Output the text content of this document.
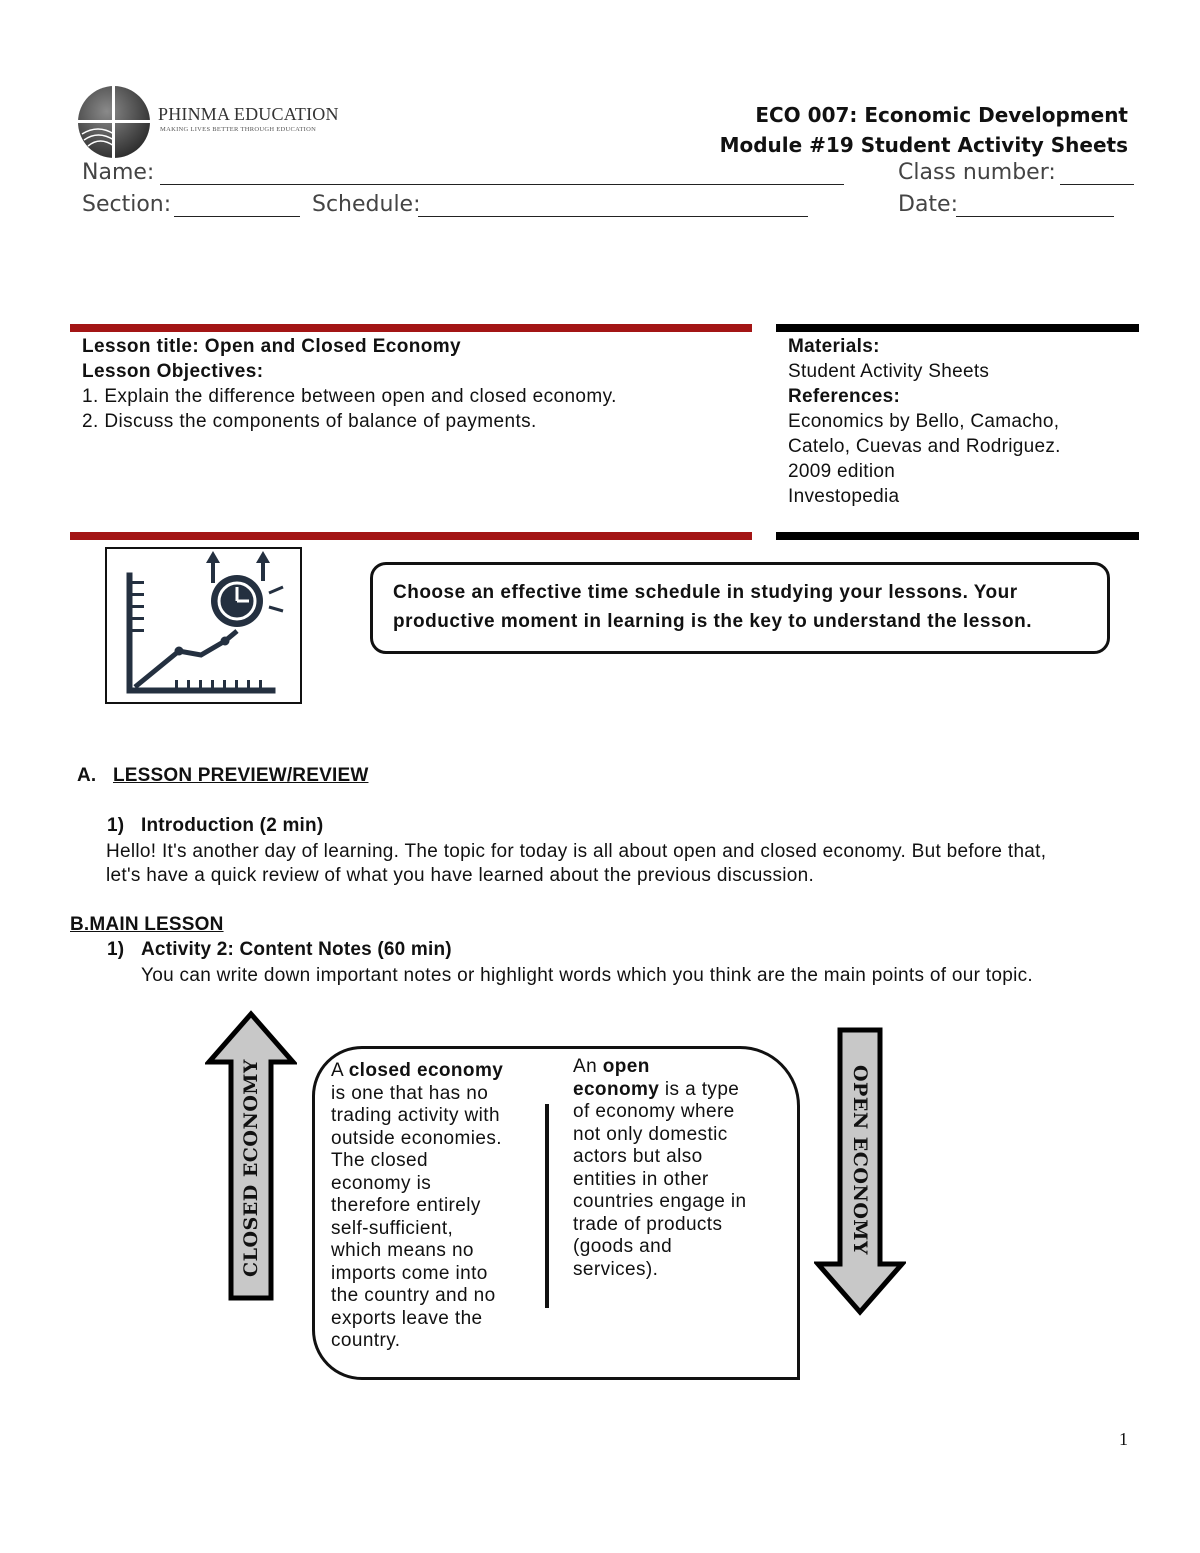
PHINMA EDUCATION
MAKING LIVES BETTER THROUGH EDUCATION
ECO 007: Economic Development
Module #19 Student Activity Sheets
Name:	Class number:
Section:	Schedule:	Date:
Lesson title: Open and Closed Economy
Lesson Objectives:
1. Explain the difference between open and closed economy.
2. Discuss the components of balance of payments.
Materials:
Student Activity Sheets
References:
Economics by Bello, Camacho,
Catelo, Cuevas and Rodriguez.
2009 edition
Investopedia
Choose an effective time schedule in studying your lessons. Your
productive moment in learning is the key to understand the lesson.
A. LESSON PREVIEW/REVIEW
1) Introduction (2 min)
Hello! It's another day of learning. The topic for today is all about open and closed economy. But before that,
let's have a quick review of what you have learned about the previous discussion.
B.MAIN LESSON
1) Activity 2: Content Notes (60 min)
You can write down important notes or highlight words which you think are the main points of our topic.
CLOSED ECONOMY	OPEN ECONOMY
A closed economy
is one that has no
trading activity with
outside economies.
The closed
economy is
therefore entirely
self-sufficient,
which means no
imports come into
the country and no
exports leave the
country.
An open
economy is a type
of economy where
not only domestic
actors but also
entities in other
countries engage in
trade of products
(goods and
services).
1
